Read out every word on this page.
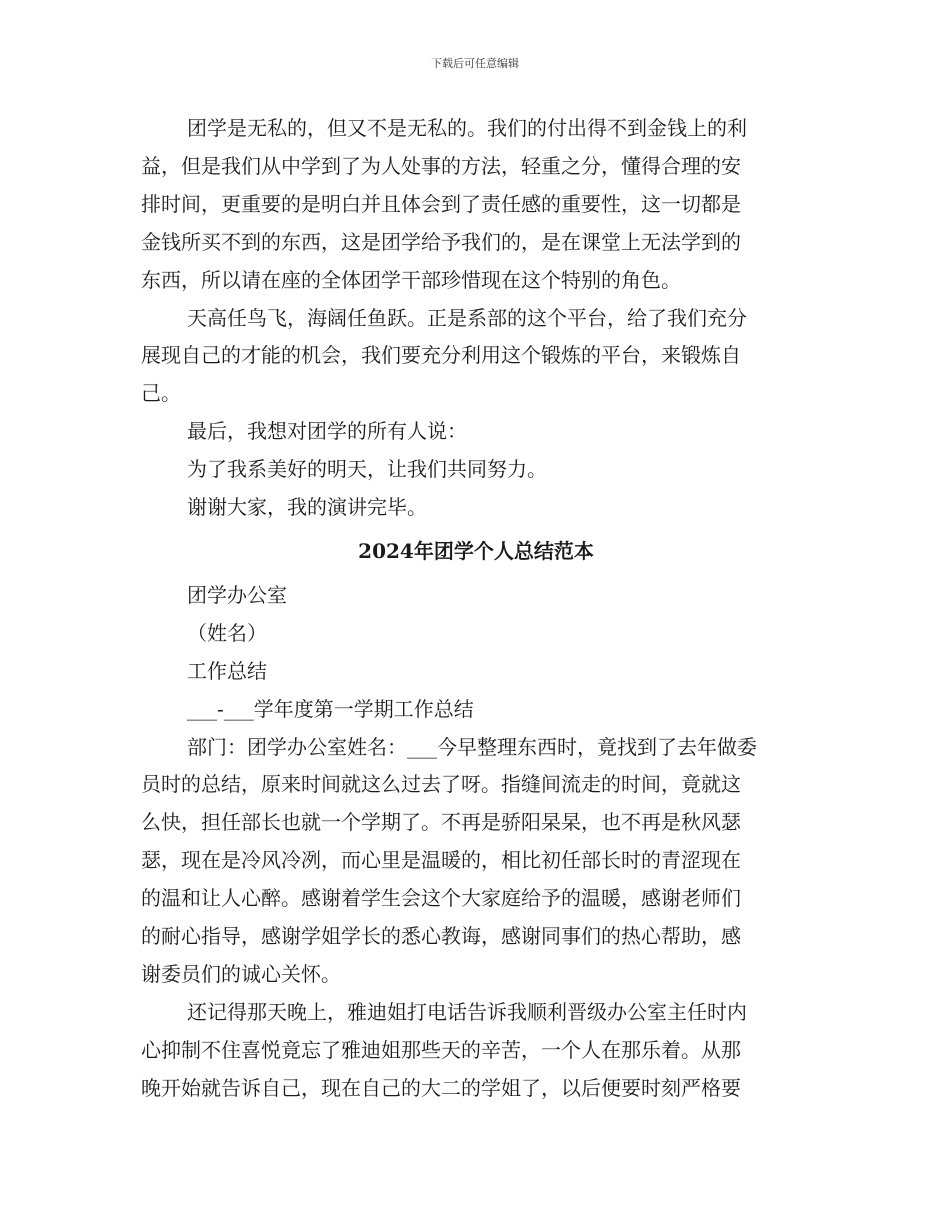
下载后可任意编辑
团学是无私的，但又不是无私的。我们的付出得不到金钱上的利
益，但是我们从中学到了为人处事的方法，轻重之分，懂得合理的安
排时间，更重要的是明白并且体会到了责任感的重要性，这一切都是
金钱所买不到的东西，这是团学给予我们的，是在课堂上无法学到的
东西，所以请在座的全体团学干部珍惜现在这个特别的角色。
天高任鸟飞，海阔任鱼跃。正是系部的这个平台，给了我们充分
展现自己的才能的机会，我们要充分利用这个锻炼的平台，来锻炼自
己。
最后，我想对团学的所有人说：
为了我系美好的明天，让我们共同努力。
谢谢大家，我的演讲完毕。
2024年团学个人总结范本
团学办公室
（姓名）
工作总结
___-___学年度第一学期工作总结
部门：团学办公室姓名：___今早整理东西时，竟找到了去年做委
员时的总结，原来时间就这么过去了呀。指缝间流走的时间，竟就这
么快，担任部长也就一个学期了。不再是骄阳杲杲，也不再是秋风瑟
瑟，现在是冷风冷冽，而心里是温暖的，相比初任部长时的青涩现在
的温和让人心醉。感谢着学生会这个大家庭给予的温暖，感谢老师们
的耐心指导，感谢学姐学长的悉心教诲，感谢同事们的热心帮助，感
谢委员们的诚心关怀。
还记得那天晚上，雅迪姐打电话告诉我顺利晋级办公室主任时内
心抑制不住喜悦竟忘了雅迪姐那些天的辛苦，一个人在那乐着。从那
晚开始就告诉自己，现在自己的大二的学姐了，以后便要时刻严格要
